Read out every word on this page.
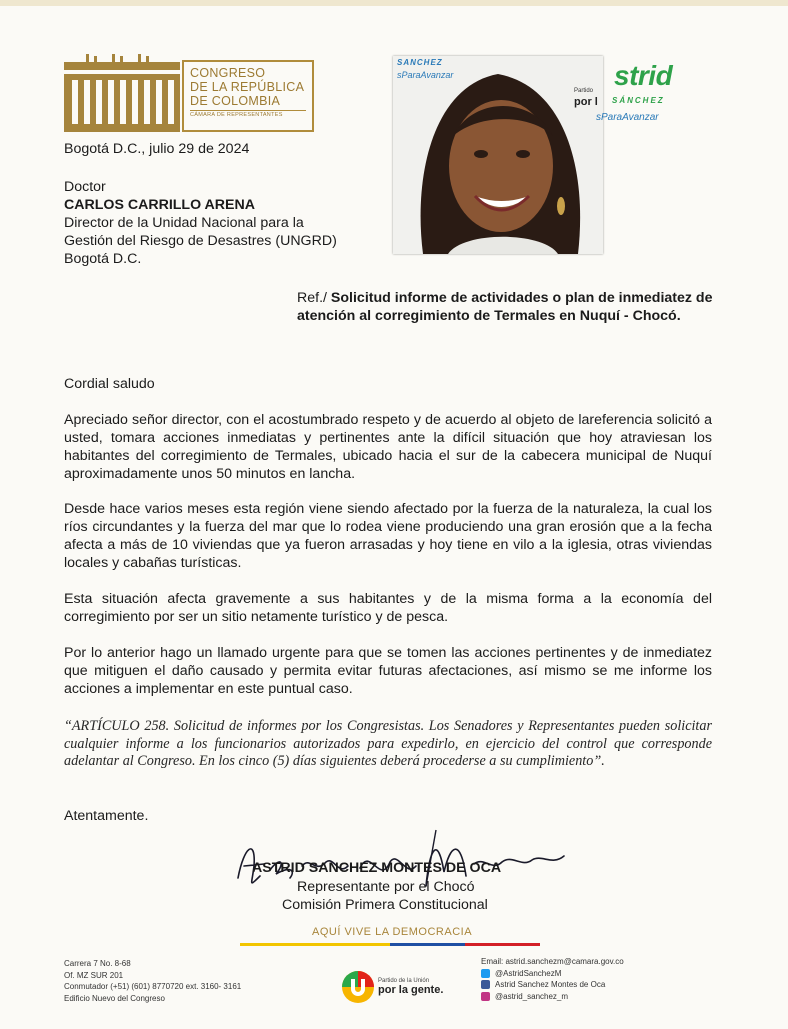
CONGRESO
DE LA REPÚBLICA
DE COLOMBIA
CÁMARA DE REPRESENTANTES
SANCHEZ
sParaAvanzar
Partido
por l
strid
SÁNCHEZ
sParaAvanzar
Bogotá D.C., julio 29 de 2024
Doctor
CARLOS CARRILLO ARENA
Director de la Unidad Nacional para la
Gestión del Riesgo de Desastres (UNGRD)
Bogotá D.C.
Ref./ Solicitud informe de actividades o plan de inmediatez de atención al corregimiento de Termales en Nuquí - Chocó.
Cordial saludo
Apreciado señor director, con el acostumbrado respeto y de acuerdo al objeto de lareferencia solicitó a usted, tomara acciones inmediatas y pertinentes ante la difícil situación que hoy atraviesan los habitantes del corregimiento de Termales, ubicado hacia el sur de la cabecera municipal de Nuquí aproximadamente unos 50 minutos en lancha.
Desde hace varios meses esta región viene siendo afectado por la fuerza de la naturaleza, la cual los ríos circundantes y la fuerza del mar que lo rodea viene produciendo una gran erosión que a la fecha afecta a más de 10 viviendas que ya fueron arrasadas y hoy tiene en vilo a la iglesia, otras viviendas locales y cabañas turísticas.
Esta situación afecta gravemente a sus habitantes y de la misma forma a la economía del corregimiento por ser un sitio netamente turístico y de pesca.
Por lo anterior hago un llamado urgente para que se tomen las acciones pertinentes y de inmediatez que mitiguen el daño causado y permita evitar futuras afectaciones, así mismo se me informe los acciones a implementar en este puntual caso.
“ARTÍCULO 258. Solicitud de informes por los Congresistas. Los Senadores y Representantes pueden solicitar cualquier informe a los funcionarios autorizados para expedirlo, en ejercicio del control que corresponde adelantar al Congreso. En los cinco (5) días siguientes deberá procederse a su cumplimiento”.
Atentamente.
ASTRID SANCHEZ MONTES DE OCA
Representante por el Chocó
Comisión Primera Constitucional
AQUÍ VIVE LA DEMOCRACIA
Carrera 7 No. 8-68
Of. MZ SUR 201
Conmutador (+51) (601) 8770720 ext. 3160- 3161
Edificio Nuevo del Congreso
Partido de la Unión
por la gente.
Email: astrid.sanchezm@camara.gov.co
@AstridSanchezM
Astrid Sanchez Montes de Oca
@astrid_sanchez_m
